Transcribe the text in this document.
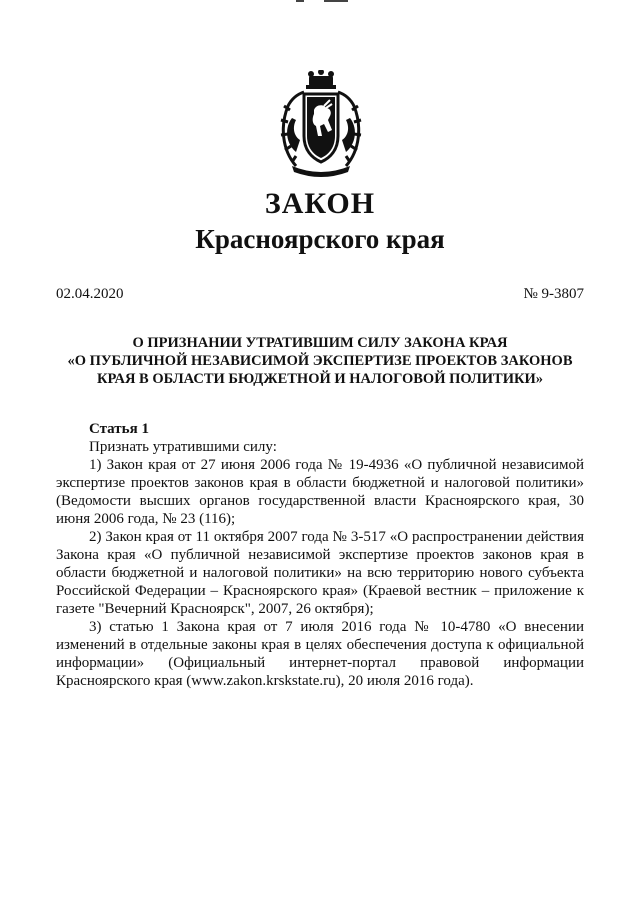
ЗАКОН
Красноярского края
02.04.2020	№ 9-3807
О ПРИЗНАНИИ УТРАТИВШИМ СИЛУ ЗАКОНА КРАЯ
«О ПУБЛИЧНОЙ НЕЗАВИСИМОЙ ЭКСПЕРТИЗЕ ПРОЕКТОВ ЗАКОНОВ
КРАЯ В ОБЛАСТИ БЮДЖЕТНОЙ И НАЛОГОВОЙ ПОЛИТИКИ»
Статья 1

Признать утратившими силу:

1) Закон края от 27 июня 2006 года № 19-4936 «О публичной независимой экспертизе проектов законов края в области бюджетной и налоговой политики» (Ведомости высших органов государственной власти Красноярского края, 30 июня 2006 года, № 23 (116);

2) Закон края от 11 октября 2007 года № 3-517 «О распространении действия Закона края «О публичной независимой экспертизе проектов законов края в области бюджетной и налоговой политики» на всю территорию нового субъекта Российской Федерации – Красноярского края» (Краевой вестник – приложение к газете "Вечерний Красноярск", 2007, 26 октября);

3) статью 1 Закона края от 7 июля 2016 года № 10-4780 «О внесении изменений в отдельные законы края в целях обеспечения доступа к официальной информации» (Официальный интернет-портал правовой информации Красноярского края (www.zakon.krskstate.ru), 20 июля 2016 года).
